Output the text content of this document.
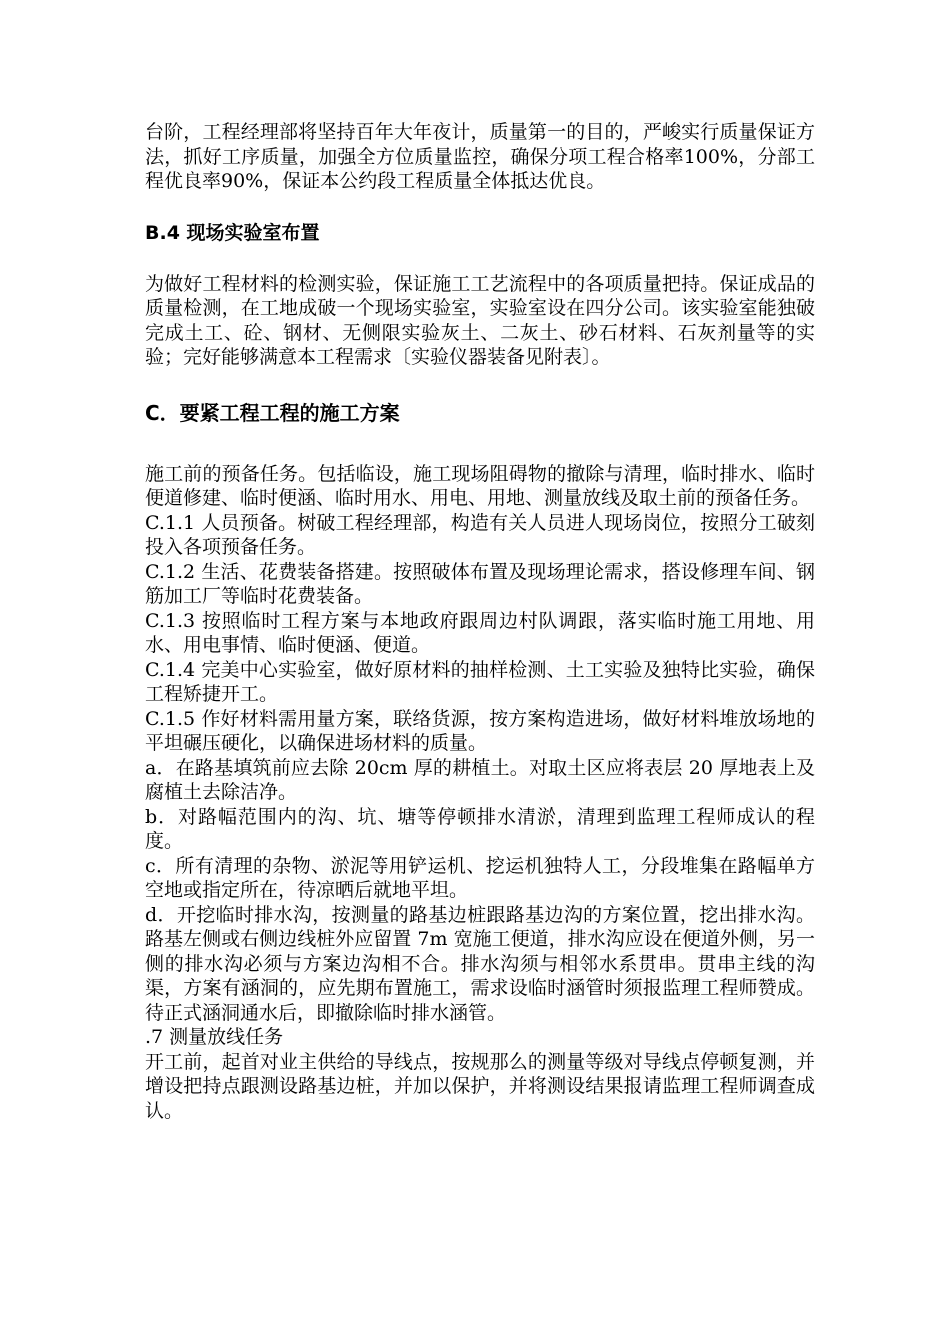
台阶，工程经理部将坚持百年大年夜计，质量第一的目的，严峻实行质量保证方法，抓好工序质量，加强全方位质量监控，确保分项工程合格率100%，分部工程优良率90%，保证本公约段工程质量全体抵达优良。

B.4 现场实验室布置

为做好工程材料的检测实验，保证施工工艺流程中的各项质量把持。保证成品的质量检测，在工地成破一个现场实验室，实验室设在四分公司。该实验室能独破完成土工、砼、钢材、无侧限实验灰土、二灰土、砂石材料、石灰剂量等的实验；完好能够满意本工程需求〔实验仪器装备见附表〕。

C．要紧工程工程的施工方案

施工前的预备任务。包括临设，施工现场阻碍物的撤除与清理，临时排水、临时便道修建、临时便涵、临时用水、用电、用地、测量放线及取土前的预备任务。

C.1.1 人员预备。树破工程经理部，构造有关人员进人现场岗位，按照分工破刻投入各项预备任务。

C.1.2 生活、花费装备搭建。按照破体布置及现场理论需求，搭设修理车间、钢筋加工厂等临时花费装备。

C.1.3 按照临时工程方案与本地政府跟周边村队调跟，落实临时施工用地、用水、用电事情、临时便涵、便道。

C.1.4 完美中心实验室，做好原材料的抽样检测、土工实验及独特比实验，确保工程矫捷开工。

C.1.5 作好材料需用量方案，联络货源，按方案构造进场，做好材料堆放场地的平坦碾压硬化，以确保进场材料的质量。

a．在路基填筑前应去除 20cm 厚的耕植土。对取土区应将表层 20 厚地表上及腐植土去除洁净。

b．对路幅范围内的沟、坑、塘等停顿排水清淤，清理到监理工程师成认的程度。

c．所有清理的杂物、淤泥等用铲运机、挖运机独特人工，分段堆集在路幅单方空地或指定所在，待凉晒后就地平坦。

d．开挖临时排水沟，按测量的路基边桩跟路基边沟的方案位置，挖出排水沟。路基左侧或右侧边线桩外应留置 7m 宽施工便道，排水沟应设在便道外侧，另一侧的排水沟必须与方案边沟相不合。排水沟须与相邻水系贯串。贯串主线的沟渠，方案有涵洞的，应先期布置施工，需求设临时涵管时须报监理工程师赞成。待正式涵洞通水后，即撤除临时排水涵管。

.7 测量放线任务

开工前，起首对业主供给的导线点，按规那么的测量等级对导线点停顿复测，并增设把持点跟测设路基边桩，并加以保护，并将测设结果报请监理工程师调查成认。
